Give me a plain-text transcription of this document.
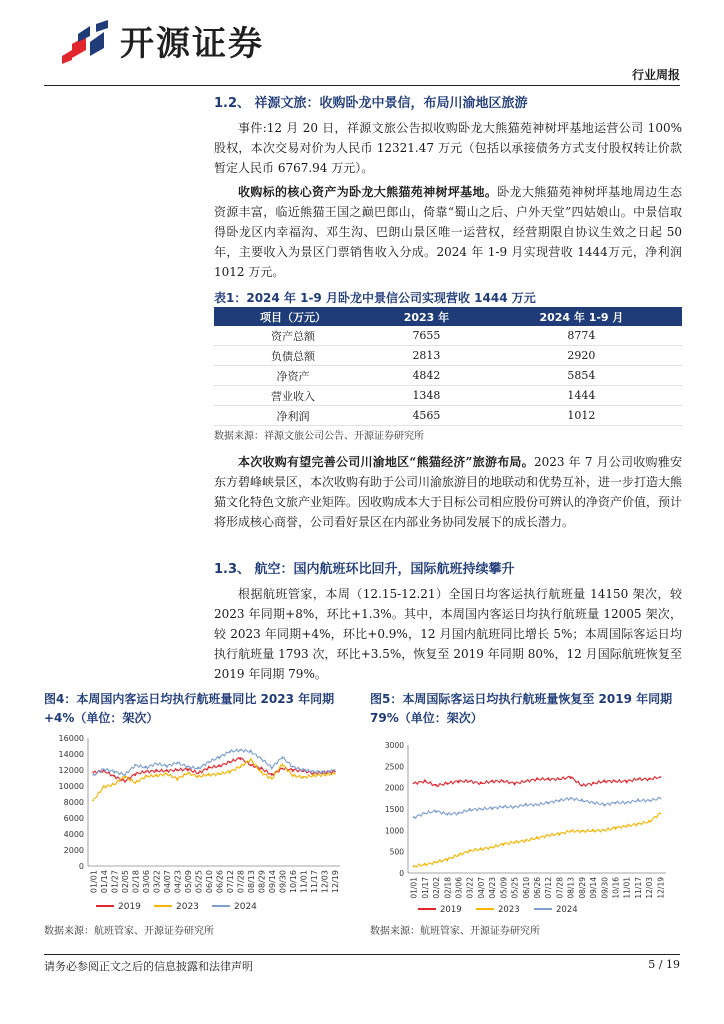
开源证券
行业周报
1.2、 祥源文旅：收购卧龙中景信，布局川渝地区旅游
事件:12 月 20 日，祥源文旅公告拟收购卧龙大熊猫苑神树坪基地运营公司 100%股权，本次交易对价为人民币 12321.47 万元（包括以承接债务方式支付股权转让价款暂定人民币 6767.94 万元）。
收购标的核心资产为卧龙大熊猫苑神树坪基地。卧龙大熊猫苑神树坪基地周边生态资源丰富，临近熊猫王国之巅巴郎山，倚靠“蜀山之后、户外天堂”四姑娘山。中景信取得卧龙区内幸福沟、邓生沟、巴朗山景区唯一运营权，经营期限自协议生效之日起 50 年，主要收入为景区门票销售收入分成。2024 年 1-9 月实现营收 1444万元，净利润1012 万元。
表1：2024 年 1-9 月卧龙中景信公司实现营收 1444 万元
项目（万元）	2023 年	2024 年 1-9 月
资产总额	7655	8774
负债总额	2813	2920
净资产	4842	5854
营业收入	1348	1444
净利润	4565	1012
数据来源：祥源文旅公司公告、开源证券研究所
本次收购有望完善公司川渝地区“熊猫经济”旅游布局。2023 年 7 月公司收购雅安东方碧峰峡景区，本次收购有助于公司川渝旅游目的地联动和优势互补，进一步打造大熊猫文化特色文旅产业矩阵。因收购成本大于目标公司相应股份可辨认的净资产价值，预计将形成核心商誉，公司看好景区在内部业务协同发展下的成长潜力。
1.3、 航空：国内航班环比回升，国际航班持续攀升
根据航班管家，本周（12.15-12.21）全国日均客运执行航班量 14150 架次，较 2023 年同期+8%，环比+1.3%。其中，本周国内客运日均执行航班量 12005 架次，较 2023 年同期+4%，环比+0.9%，12 月国内航班同比增长 5%；本周国际客运日均执行航班量 1793 次，环比+3.5%，恢复至 2019 年同期 80%，12 月国际航班恢复至 2019 年同期 79%。
图4：本周国内客运日均执行航班量同比 2023 年同期+4%（单位：架次）
图5：本周国际客运日均执行航班量恢复至 2019 年同期79%（单位：架次）
0
2000
4000
6000
8000
10000
12000
14000
16000
01/01 01/14 01/27 02/05 02/18 03/06 03/22 04/07 04/23 05/09 05/25 06/10 06/26 07/12 07/28 08/13 08/29 09/14 09/30 10/16 11/01 11/17 12/03 12/19
2019	2023	2024
0
500
1000
1500
2000
2500
3000
01/01 01/17 02/02 02/18 03/06 03/22 04/07 04/23 05/09 05/25 06/10 06/26 07/12 07/28 08/13 08/29 09/14 09/30 10/16 11/01 11/17 12/03 12/19
2019	2023	2024
数据来源：航班管家、开源证券研究所	数据来源：航班管家、开源证券研究所
请务必参阅正文之后的信息披露和法律声明	5 / 19
